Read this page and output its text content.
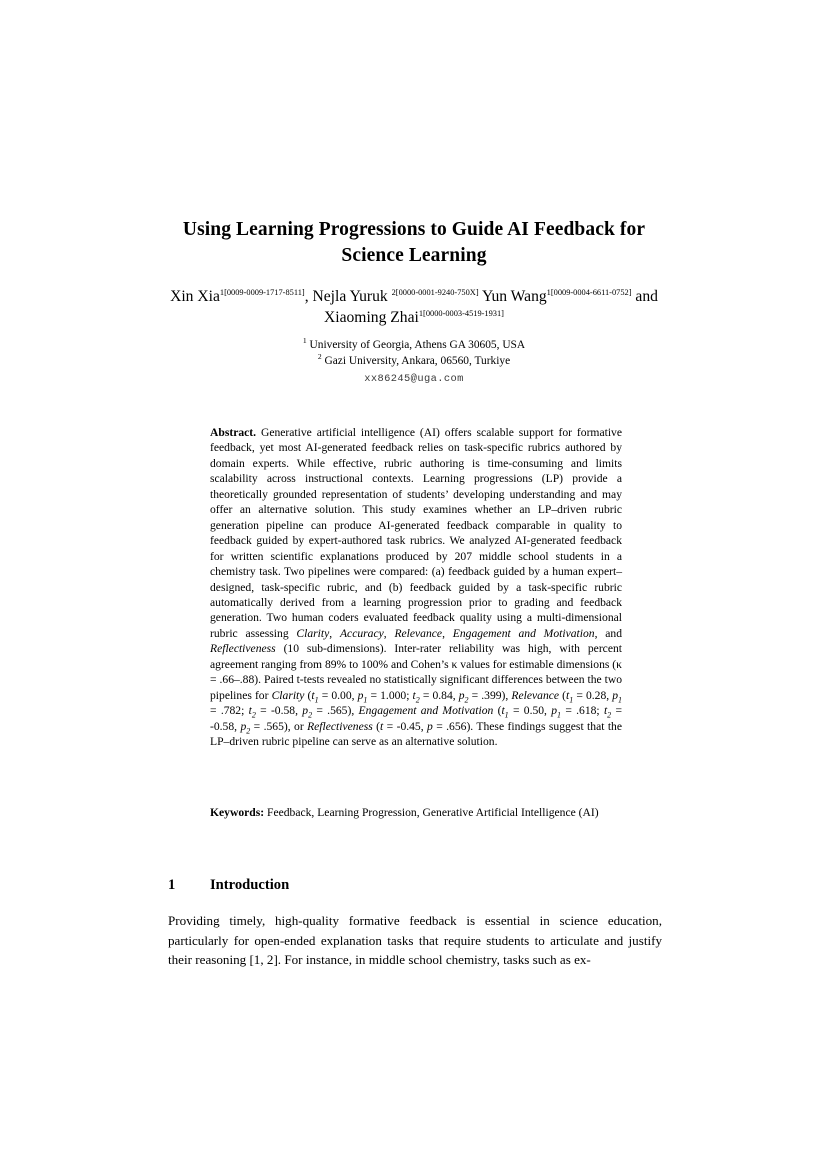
Using Learning Progressions to Guide AI Feedback for Science Learning
Xin Xia$^{1[0009-0009-1717-8511]}$, Nejla Yuruk $^{2[0000-0001-9240-750X]}$ Yun Wang$^{1[0009-0004-6611-0752]}$ and Xiaoming Zhai$^{1[0000-0003-4519-1931]}$
$^1$ University of Georgia, Athens GA 30605, USA
$^2$ Gazi University, Ankara, 06560, Turkiye
xx86245@uga.com
Abstract. Generative artificial intelligence (AI) offers scalable support for formative feedback, yet most AI-generated feedback relies on task-specific rubrics authored by domain experts. While effective, rubric authoring is time-consuming and limits scalability across instructional contexts. Learning progressions (LP) provide a theoretically grounded representation of students’ developing understanding and may offer an alternative solution. This study examines whether an LP–driven rubric generation pipeline can produce AI-generated feedback comparable in quality to feedback guided by expert-authored task rubrics. We analyzed AI-generated feedback for written scientific explanations produced by 207 middle school students in a chemistry task. Two pipelines were compared: (a) feedback guided by a human expert–designed, task-specific rubric, and (b) feedback guided by a task-specific rubric automatically derived from a learning progression prior to grading and feedback generation. Two human coders evaluated feedback quality using a multi-dimensional rubric assessing Clarity, Accuracy, Relevance, Engagement and Motivation, and Reflectiveness (10 sub-dimensions). Inter-rater reliability was high, with percent agreement ranging from 89% to 100% and Cohen’s κ values for estimable dimensions (κ = .66–.88). Paired t-tests revealed no statistically significant differences between the two pipelines for Clarity ($t_1 = 0.00$, $p_1 = 1.000$; $t_2 = 0.84$, $p_2 = .399$), Relevance ($t_1 = 0.28$, $p_1 = .782$; $t_2 = -0.58$, $p_2 = .565$), Engagement and Motivation ($t_1 = 0.50$, $p_1 = .618$; $t_2 = -0.58$, $p_2 = .565$), or Reflectiveness (t = -0.45, p = .656). These findings suggest that the LP–driven rubric pipeline can serve as an alternative solution.
Keywords: Feedback, Learning Progression, Generative Artificial Intelligence (AI)
1 Introduction

Providing timely, high-quality formative feedback is essential in science education, particularly for open-ended explanation tasks that require students to articulate and justify their reasoning [1, 2]. For instance, in middle school chemistry, tasks such as ex-
